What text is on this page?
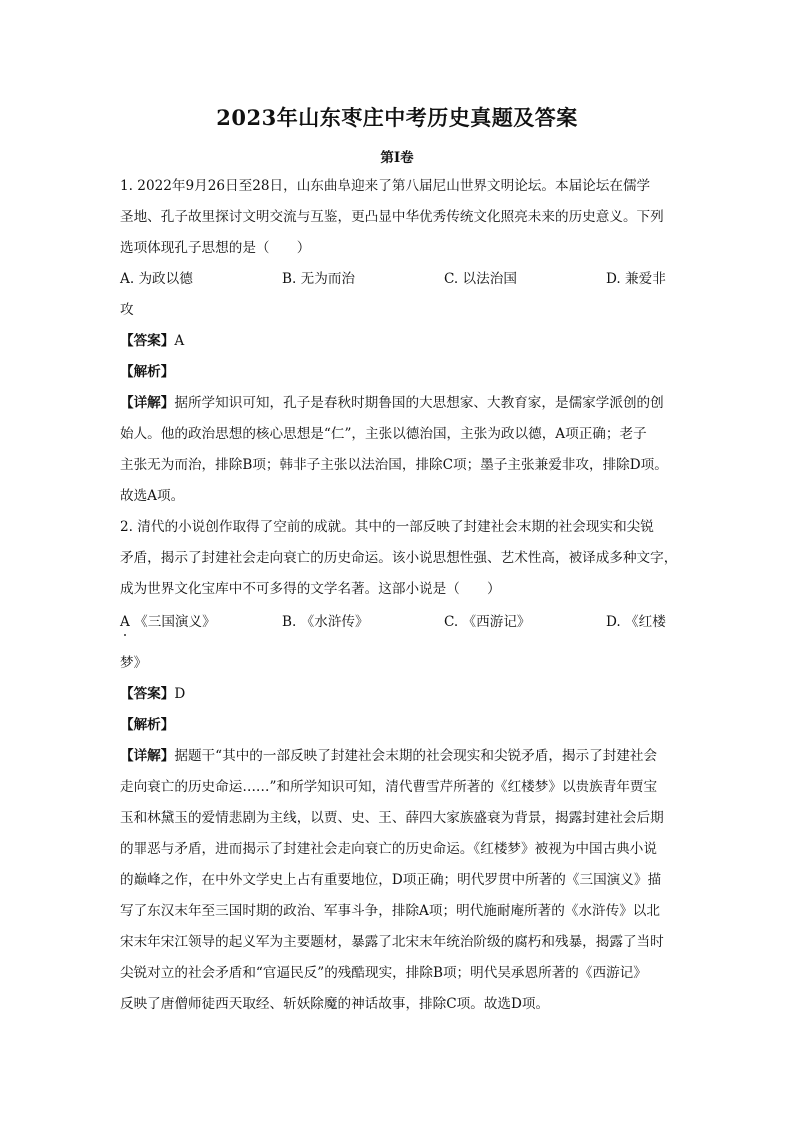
2023年山东枣庄中考历史真题及答案
第Ⅰ卷
1. 2022年9月26日至28日，山东曲阜迎来了第八届尼山世界文明论坛。本届论坛在儒学
圣地、孔子故里探讨文明交流与互鉴，更凸显中华优秀传统文化照亮未来的历史意义。下列
选项体现孔子思想的是（　　）
A. 为政以德	B. 无为而治	C. 以法治国	D. 兼爱非
攻
【答案】A
【解析】
【详解】据所学知识可知，孔子是春秋时期鲁国的大思想家、大教育家，是儒家学派创的创
始人。他的政治思想的核心思想是“仁”，主张以德治国，主张为政以德，A项正确；老子
主张无为而治，排除B项；韩非子主张以法治国，排除C项；墨子主张兼爱非攻，排除D项。
故选A项。
2. 清代的小说创作取得了空前的成就。其中的一部反映了封建社会末期的社会现实和尖锐
矛盾，揭示了封建社会走向衰亡的历史命运。该小说思想性强、艺术性高，被译成多种文字，
成为世界文化宝库中不可多得的文学名著。这部小说是（　　）
A 《三国演义》	B. 《水浒传》	C. 《西游记》	D. 《红楼
梦》
【答案】D
【解析】
【详解】据题干“其中的一部反映了封建社会末期的社会现实和尖锐矛盾，揭示了封建社会
走向衰亡的历史命运……”和所学知识可知，清代曹雪芹所著的《红楼梦》以贵族青年贾宝
玉和林黛玉的爱情悲剧为主线，以贾、史、王、薛四大家族盛衰为背景，揭露封建社会后期
的罪恶与矛盾，进而揭示了封建社会走向衰亡的历史命运。《红楼梦》被视为中国古典小说
的巅峰之作，在中外文学史上占有重要地位，D项正确；明代罗贯中所著的《三国演义》描
写了东汉末年至三国时期的政治、军事斗争，排除A项；明代施耐庵所著的《水浒传》以北
宋末年宋江领导的起义军为主要题材，暴露了北宋末年统治阶级的腐朽和残暴，揭露了当时
尖锐对立的社会矛盾和“官逼民反”的残酷现实，排除B项；明代吴承恩所著的《西游记》
反映了唐僧师徒西天取经、斩妖除魔的神话故事，排除C项。故选D项。
